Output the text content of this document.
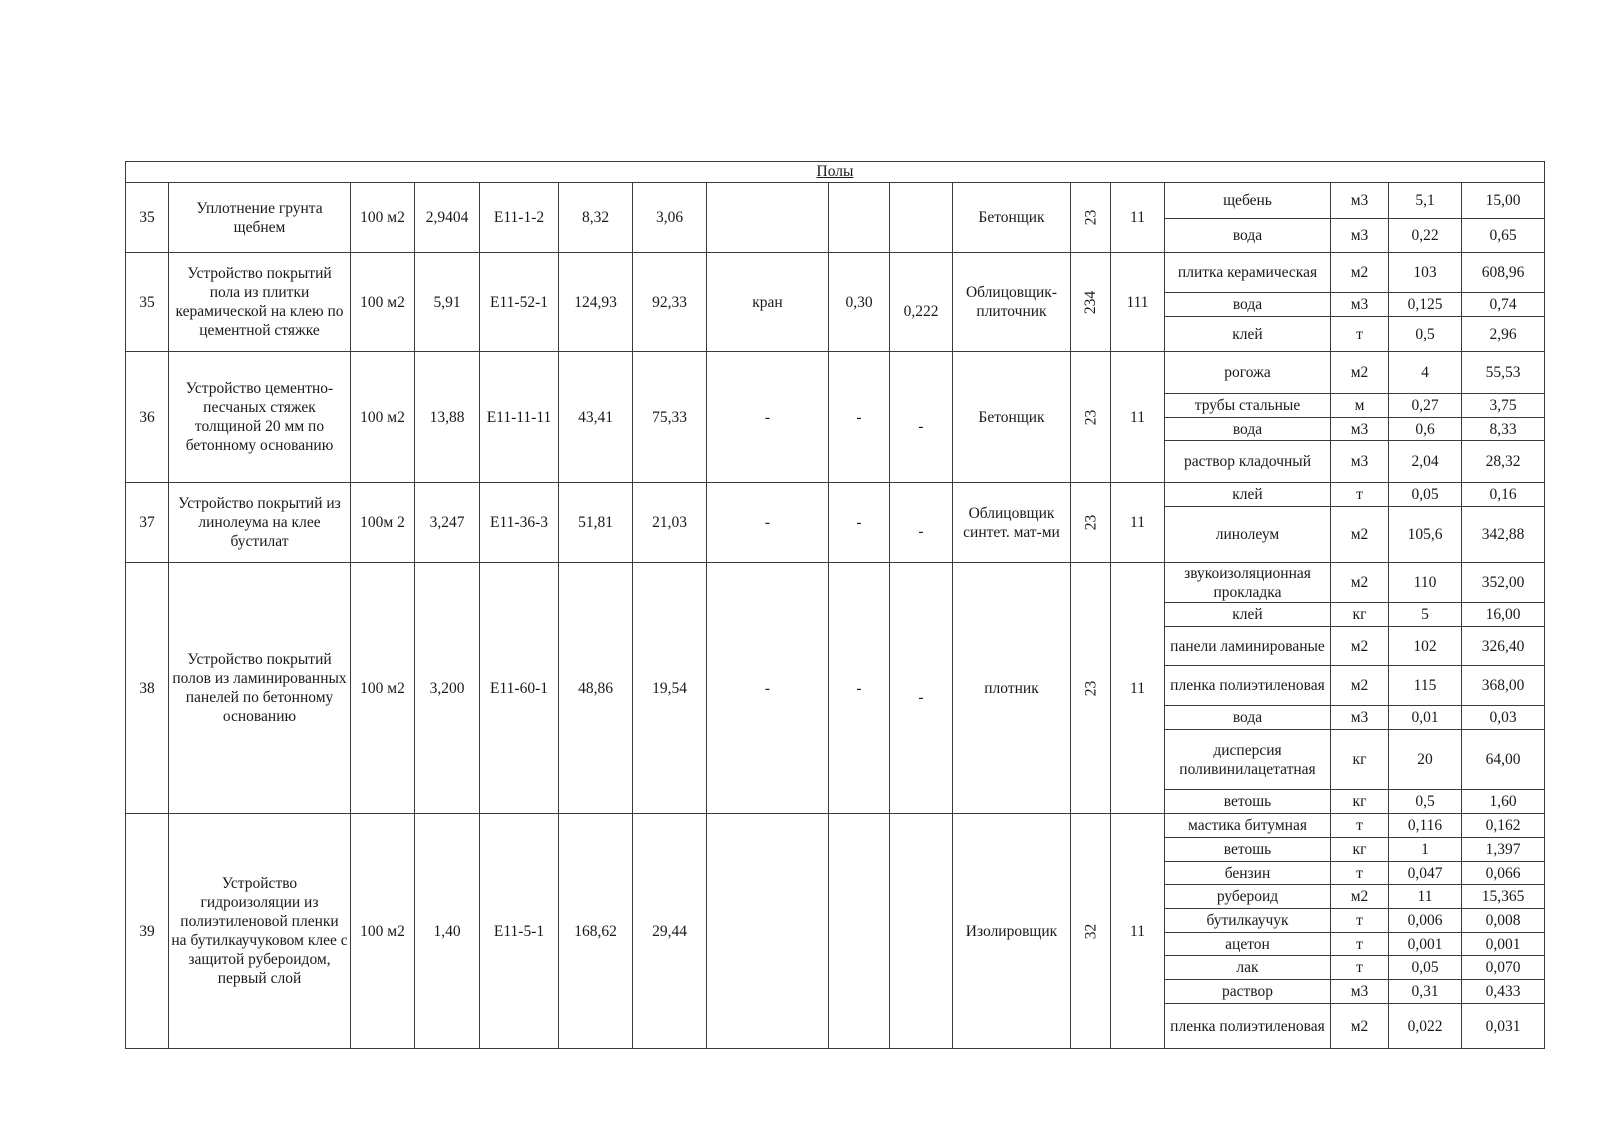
Полы																
35	Уплотнение грунта щебнем	100 м2	2,9404	Е11-1-2	8,32	3,06				Бетонщик	23	11	щебень	м3	5,1	15,00
													вода	м3	0,22	0,65
35	Устройство покрытий пола из плитки керамической на клею по цементной стяжке	100 м2	5,91	Е11-52-1	124,93	92,33	кран	0,30	0,222	Облицовщик-плиточник	234	111	плитка керамическая	м2	103	608,96
													вода	м3	0,125	0,74
													клей	т	0,5	2,96
36	Устройство цементно-песчаных стяжек толщиной 20 мм по бетонному основанию	100 м2	13,88	Е11-11-11	43,41	75,33	-	-	-	Бетонщик	23	11	рогожа	м2	4	55,53
													трубы стальные	м	0,27	3,75
													вода	м3	0,6	8,33
													раствор кладочный	м3	2,04	28,32
37	Устройство покрытий из линолеума на клее бустилат	100м 2	3,247	Е11-36-3	51,81	21,03	-	-	-	Облицовщик синтет. мат-ми	23	11	клей	т	0,05	0,16
													линолеум	м2	105,6	342,88
38	Устройство покрытий полов из ламинированных панелей по бетонному основанию	100 м2	3,200	Е11-60-1	48,86	19,54	-	-	-	плотник	23	11	звукоизоляционная прокладка	м2	110	352,00
													клей	кг	5	16,00
													панели ламинированые	м2	102	326,40
													пленка полиэтиленовая	м2	115	368,00
													вода	м3	0,01	0,03
													дисперсия поливинилацетатная	кг	20	64,00
													ветошь	кг	0,5	1,60
39	Устройство гидроизоляции из полиэтиленовой пленки на бутилкаучуковом клее с защитой рубероидом, первый слой	100 м2	1,40	Е11-5-1	168,62	29,44				Изолировщик	32	11	мастика битумная	т	0,116	0,162
													ветошь	кг	1	1,397
													бензин	т	0,047	0,066
													рубероид	м2	11	15,365
													бутилкаучук	т	0,006	0,008
													ацетон	т	0,001	0,001
													лак	т	0,05	0,070
													раствор	м3	0,31	0,433
													пленка полиэтиленовая	м2	0,022	0,031
